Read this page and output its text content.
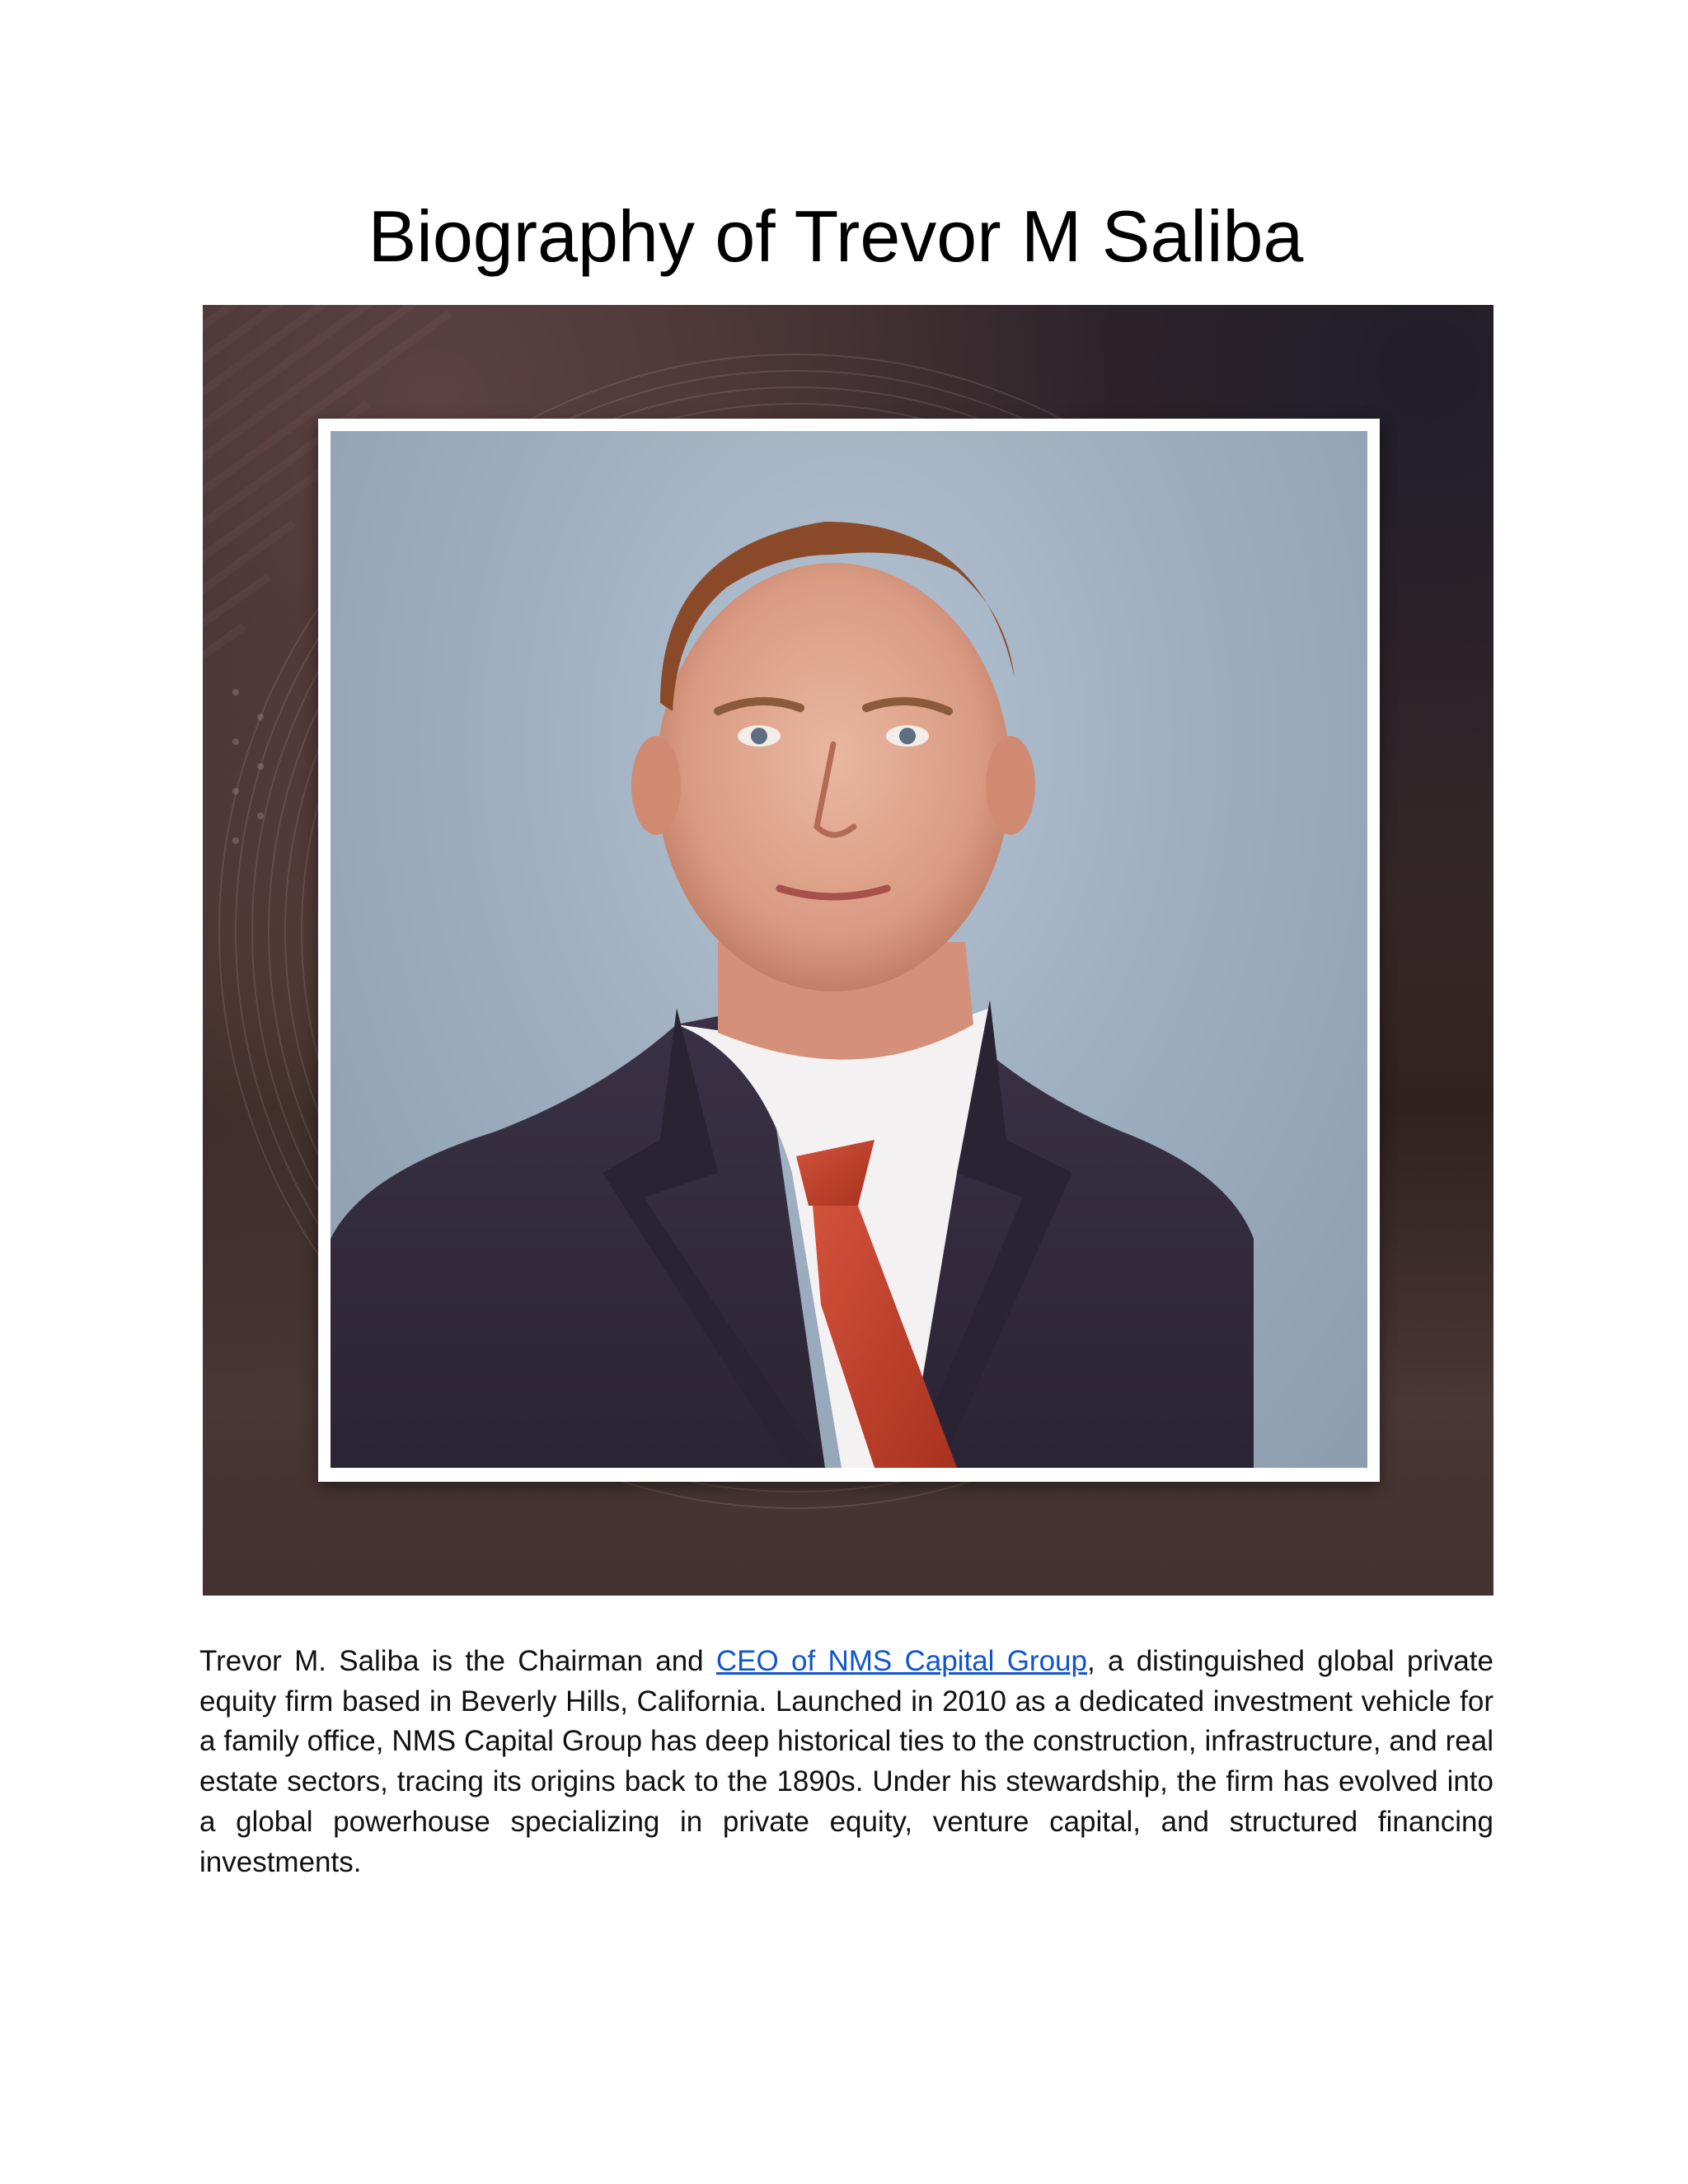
Biography of Trevor M Saliba

Trevor M. Saliba is the Chairman and CEO of NMS Capital Group, a distinguished global private equity firm based in Beverly Hills, California. Launched in 2010 as a dedicated investment vehicle for a family office, NMS Capital Group has deep historical ties to the construction, infrastructure, and real estate sectors, tracing its origins back to the 1890s. Under his stewardship, the firm has evolved into a global powerhouse specializing in private equity, venture capital, and structured financing investments.
